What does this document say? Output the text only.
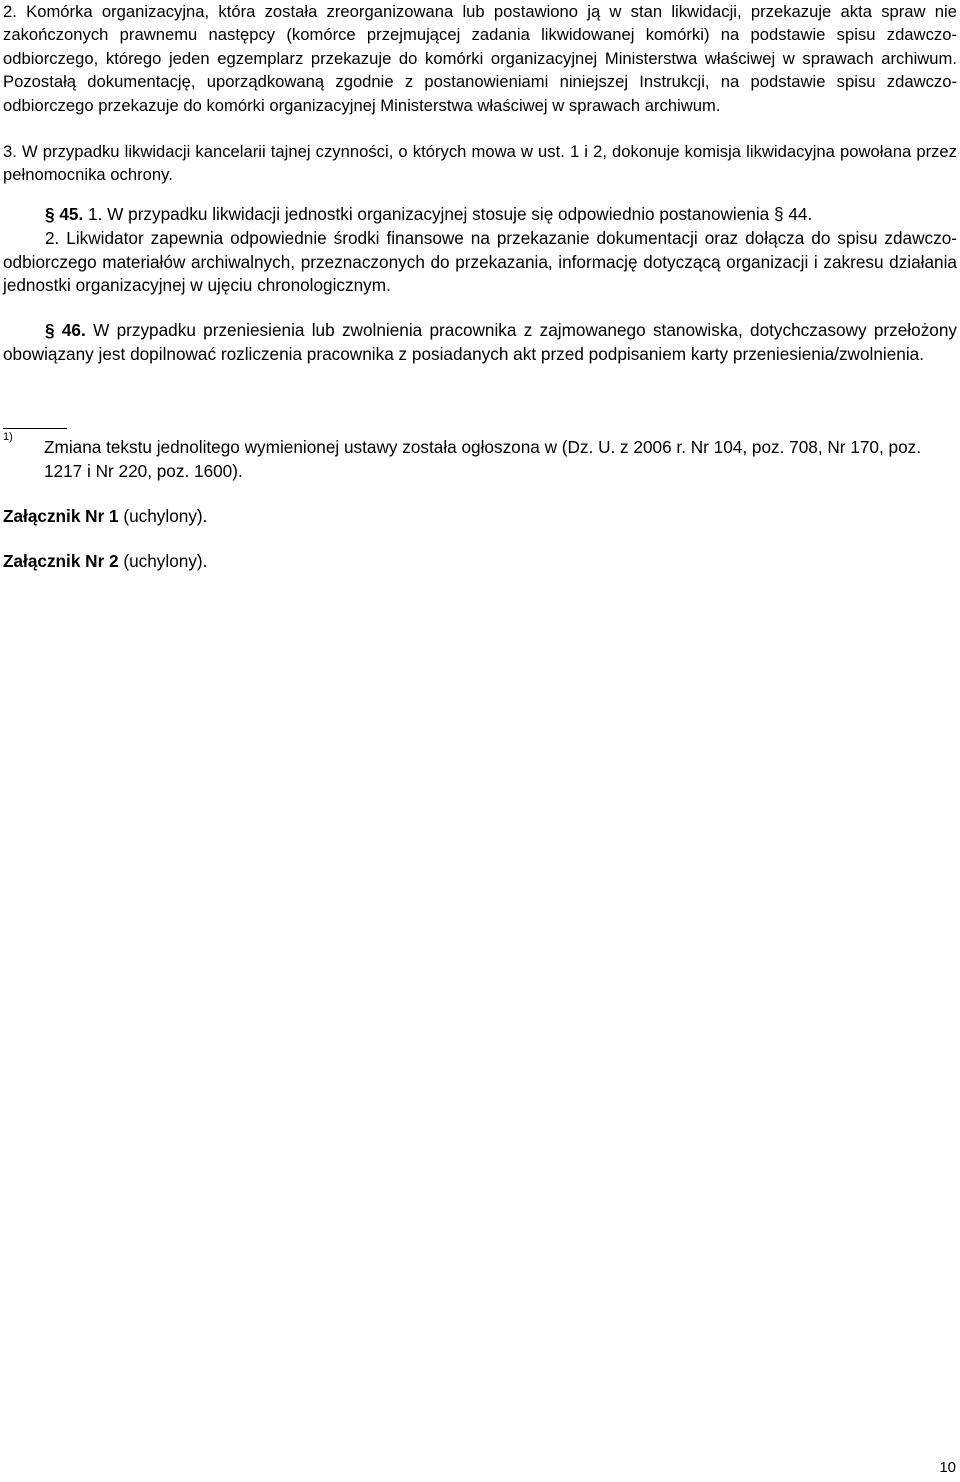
2. Komórka organizacyjna, która została zreorganizowana lub postawiono ją w stan likwidacji, przekazuje akta spraw nie zakończonych prawnemu następcy (komórce przejmującej zadania likwidowanej komórki) na podstawie spisu zdawczo-odbiorczego, którego jeden egzemplarz przekazuje do komórki organizacyjnej Ministerstwa właściwej w sprawach archiwum. Pozostałą dokumentację, uporządkowaną zgodnie z postanowieniami niniejszej Instrukcji, na podstawie spisu zdawczo-odbiorczego przekazuje do komórki organizacyjnej Ministerstwa właściwej w sprawach archiwum.

3. W przypadku likwidacji kancelarii tajnej czynności, o których mowa w ust. 1 i 2, dokonuje komisja likwidacyjna powołana przez pełnomocnika ochrony.

§ 45. 1. W przypadku likwidacji jednostki organizacyjnej stosuje się odpowiednio postanowienia § 44.

2. Likwidator zapewnia odpowiednie środki finansowe na przekazanie dokumentacji oraz dołącza do spisu zdawczo-odbiorczego materiałów archiwalnych, przeznaczonych do przekazania, informację dotyczącą organizacji i zakresu działania jednostki organizacyjnej w ujęciu chronologicznym.

§ 46. W przypadku przeniesienia lub zwolnienia pracownika z zajmowanego stanowiska, dotychczasowy przełożony obowiązany jest dopilnować rozliczenia pracownika z posiadanych akt przed podpisaniem karty przeniesienia/zwolnienia.

1) Zmiana tekstu jednolitego wymienionej ustawy została ogłoszona w (Dz. U. z 2006 r. Nr 104, poz. 708, Nr 170, poz. 1217 i Nr 220, poz. 1600).

Załącznik Nr 1 (uchylony).

Załącznik Nr 2 (uchylony).

10
